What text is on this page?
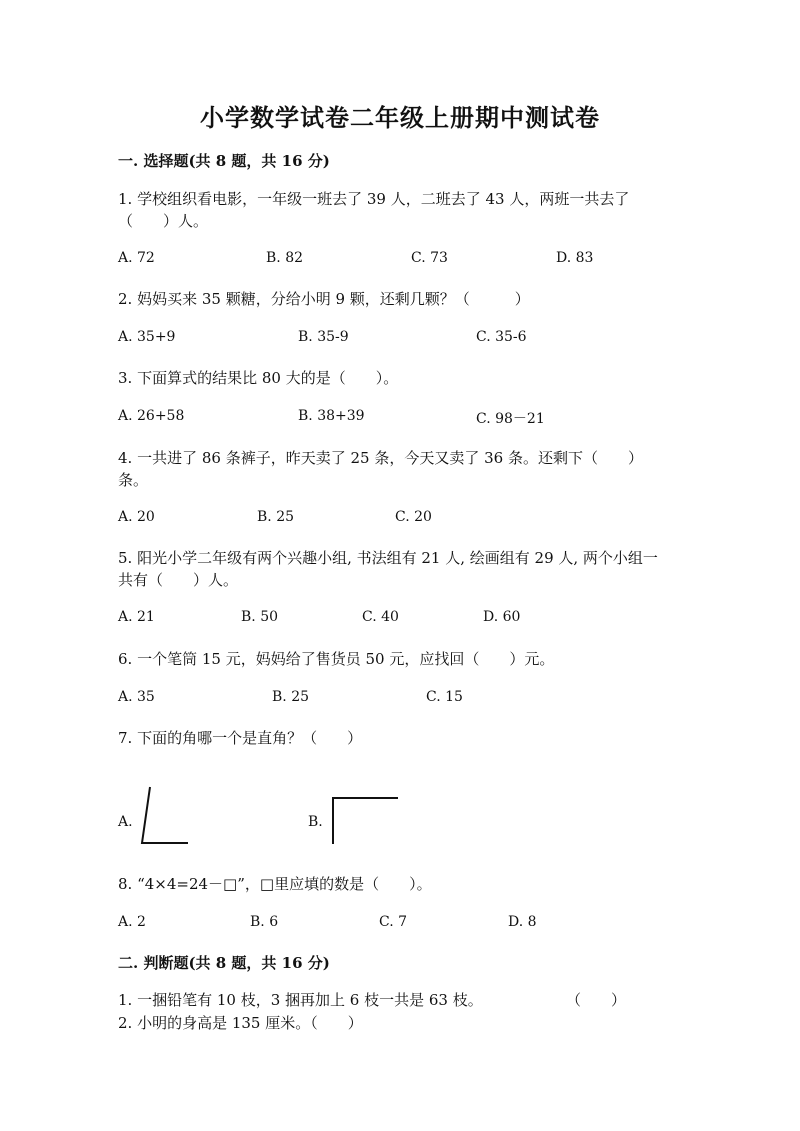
小学数学试卷二年级上册期中测试卷
一. 选择题(共 8 题，共 16 分)
1. 学校组织看电影，一年级一班去了 39 人，二班去了 43 人，两班一共去了
（　　）人。
A. 72	B. 82	C. 73	D. 83
2. 妈妈买来 35 颗糖，分给小明 9 颗，还剩几颗？（　　　）
A. 35+9	B. 35-9	C. 35-6
3. 下面算式的结果比 80 大的是（　　）。
A. 26+58	B. 38+39	C. 98－21
4. 一共进了 86 条裤子，昨天卖了 25 条，今天又卖了 36 条。还剩下（　　）
条。
A. 20	B. 25	C. 20
5. 阳光小学二年级有两个兴趣小组, 书法组有 21 人, 绘画组有 29 人, 两个小组一
共有（　　）人。
A. 21	B. 50	C. 40	D. 60
6. 一个笔筒 15 元，妈妈给了售货员 50 元，应找回（　　）元。
A. 35	B. 25	C. 15
7. 下面的角哪一个是直角？（　　）
A.	B.
8. “4×4=24－□”，□里应填的数是（　　）。
A. 2	B. 6	C. 7	D. 8
二. 判断题(共 8 题，共 16 分)
1. 一捆铅笔有 10 枝，3 捆再加上 6 枝一共是 63 枝。	（　　）
2. 小明的身高是 135 厘米。（　　）
